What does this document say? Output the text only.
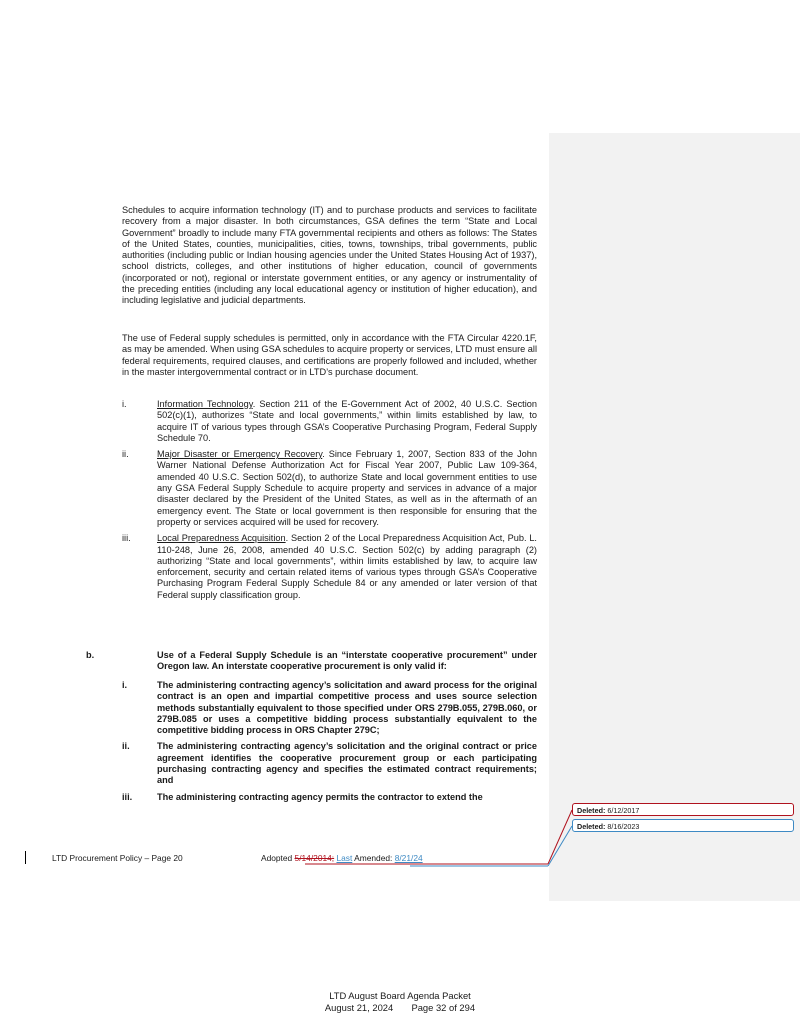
Schedules to acquire information technology (IT) and to purchase products and services to facilitate recovery from a major disaster. In both circumstances, GSA defines the term “State and Local Government” broadly to include many FTA governmental recipients and others as follows: The States of the United States, counties, municipalities, cities, towns, townships, tribal governments, public authorities (including public or Indian housing agencies under the United States Housing Act of 1937), school districts, colleges, and other institutions of higher education, council of governments (incorporated or not), regional or interstate government entities, or any agency or instrumentality of the preceding entities (including any local educational agency or institution of higher education), and including legislative and judicial departments.
The use of Federal supply schedules is permitted, only in accordance with the FTA Circular 4220.1F, as may be amended. When using GSA schedules to acquire property or services, LTD must ensure all federal requirements, required clauses, and certifications are properly followed and included, whether in the master intergovernmental contract or in LTD’s purchase document.
i.	Information Technology. Section 211 of the E-Government Act of 2002, 40 U.S.C. Section 502(c)(1), authorizes “State and local governments,” within limits established by law, to acquire IT of various types through GSA’s Cooperative Purchasing Program, Federal Supply Schedule 70.
ii.	Major Disaster or Emergency Recovery. Since February 1, 2007, Section 833 of the John Warner National Defense Authorization Act for Fiscal Year 2007, Public Law 109-364, amended 40 U.S.C. Section 502(d), to authorize State and local government entities to use any GSA Federal Supply Schedule to acquire property and services in advance of a major disaster declared by the President of the United States, as well as in the aftermath of an emergency event. The State or local government is then responsible for ensuring that the property or services acquired will be used for recovery.
iii.	Local Preparedness Acquisition. Section 2 of the Local Preparedness Acquisition Act, Pub. L. 110-248, June 26, 2008, amended 40 U.S.C. Section 502(c) by adding paragraph (2) authorizing “State and local governments”, within limits established by law, to acquire law enforcement, security and certain related items of various types through GSA’s Cooperative Purchasing Program Federal Supply Schedule 84 or any amended or later version of that Federal supply classification group.
b.	Use of a Federal Supply Schedule is an “interstate cooperative procurement” under Oregon law. An interstate cooperative procurement is only valid if:
i.	The administering contracting agency’s solicitation and award process for the original contract is an open and impartial competitive process and uses source selection methods substantially equivalent to those specified under ORS 279B.055, 279B.060, or 279B.085 or uses a competitive bidding process substantially equivalent to the competitive bidding process in ORS Chapter 279C;
ii.	The administering contracting agency’s solicitation and the original contract or price agreement identifies the cooperative procurement group or each participating purchasing contracting agency and specifies the estimated contract requirements; and
iii.	The administering contracting agency permits the contractor to extend the
Deleted: 6/12/2017
Deleted: 8/16/2023
LTD Procurement Policy – Page 20	Adopted 5/14/2014; Last Amended: 8/21/24
LTD August Board Agenda Packet
August 21, 2024 Page 32 of 294
